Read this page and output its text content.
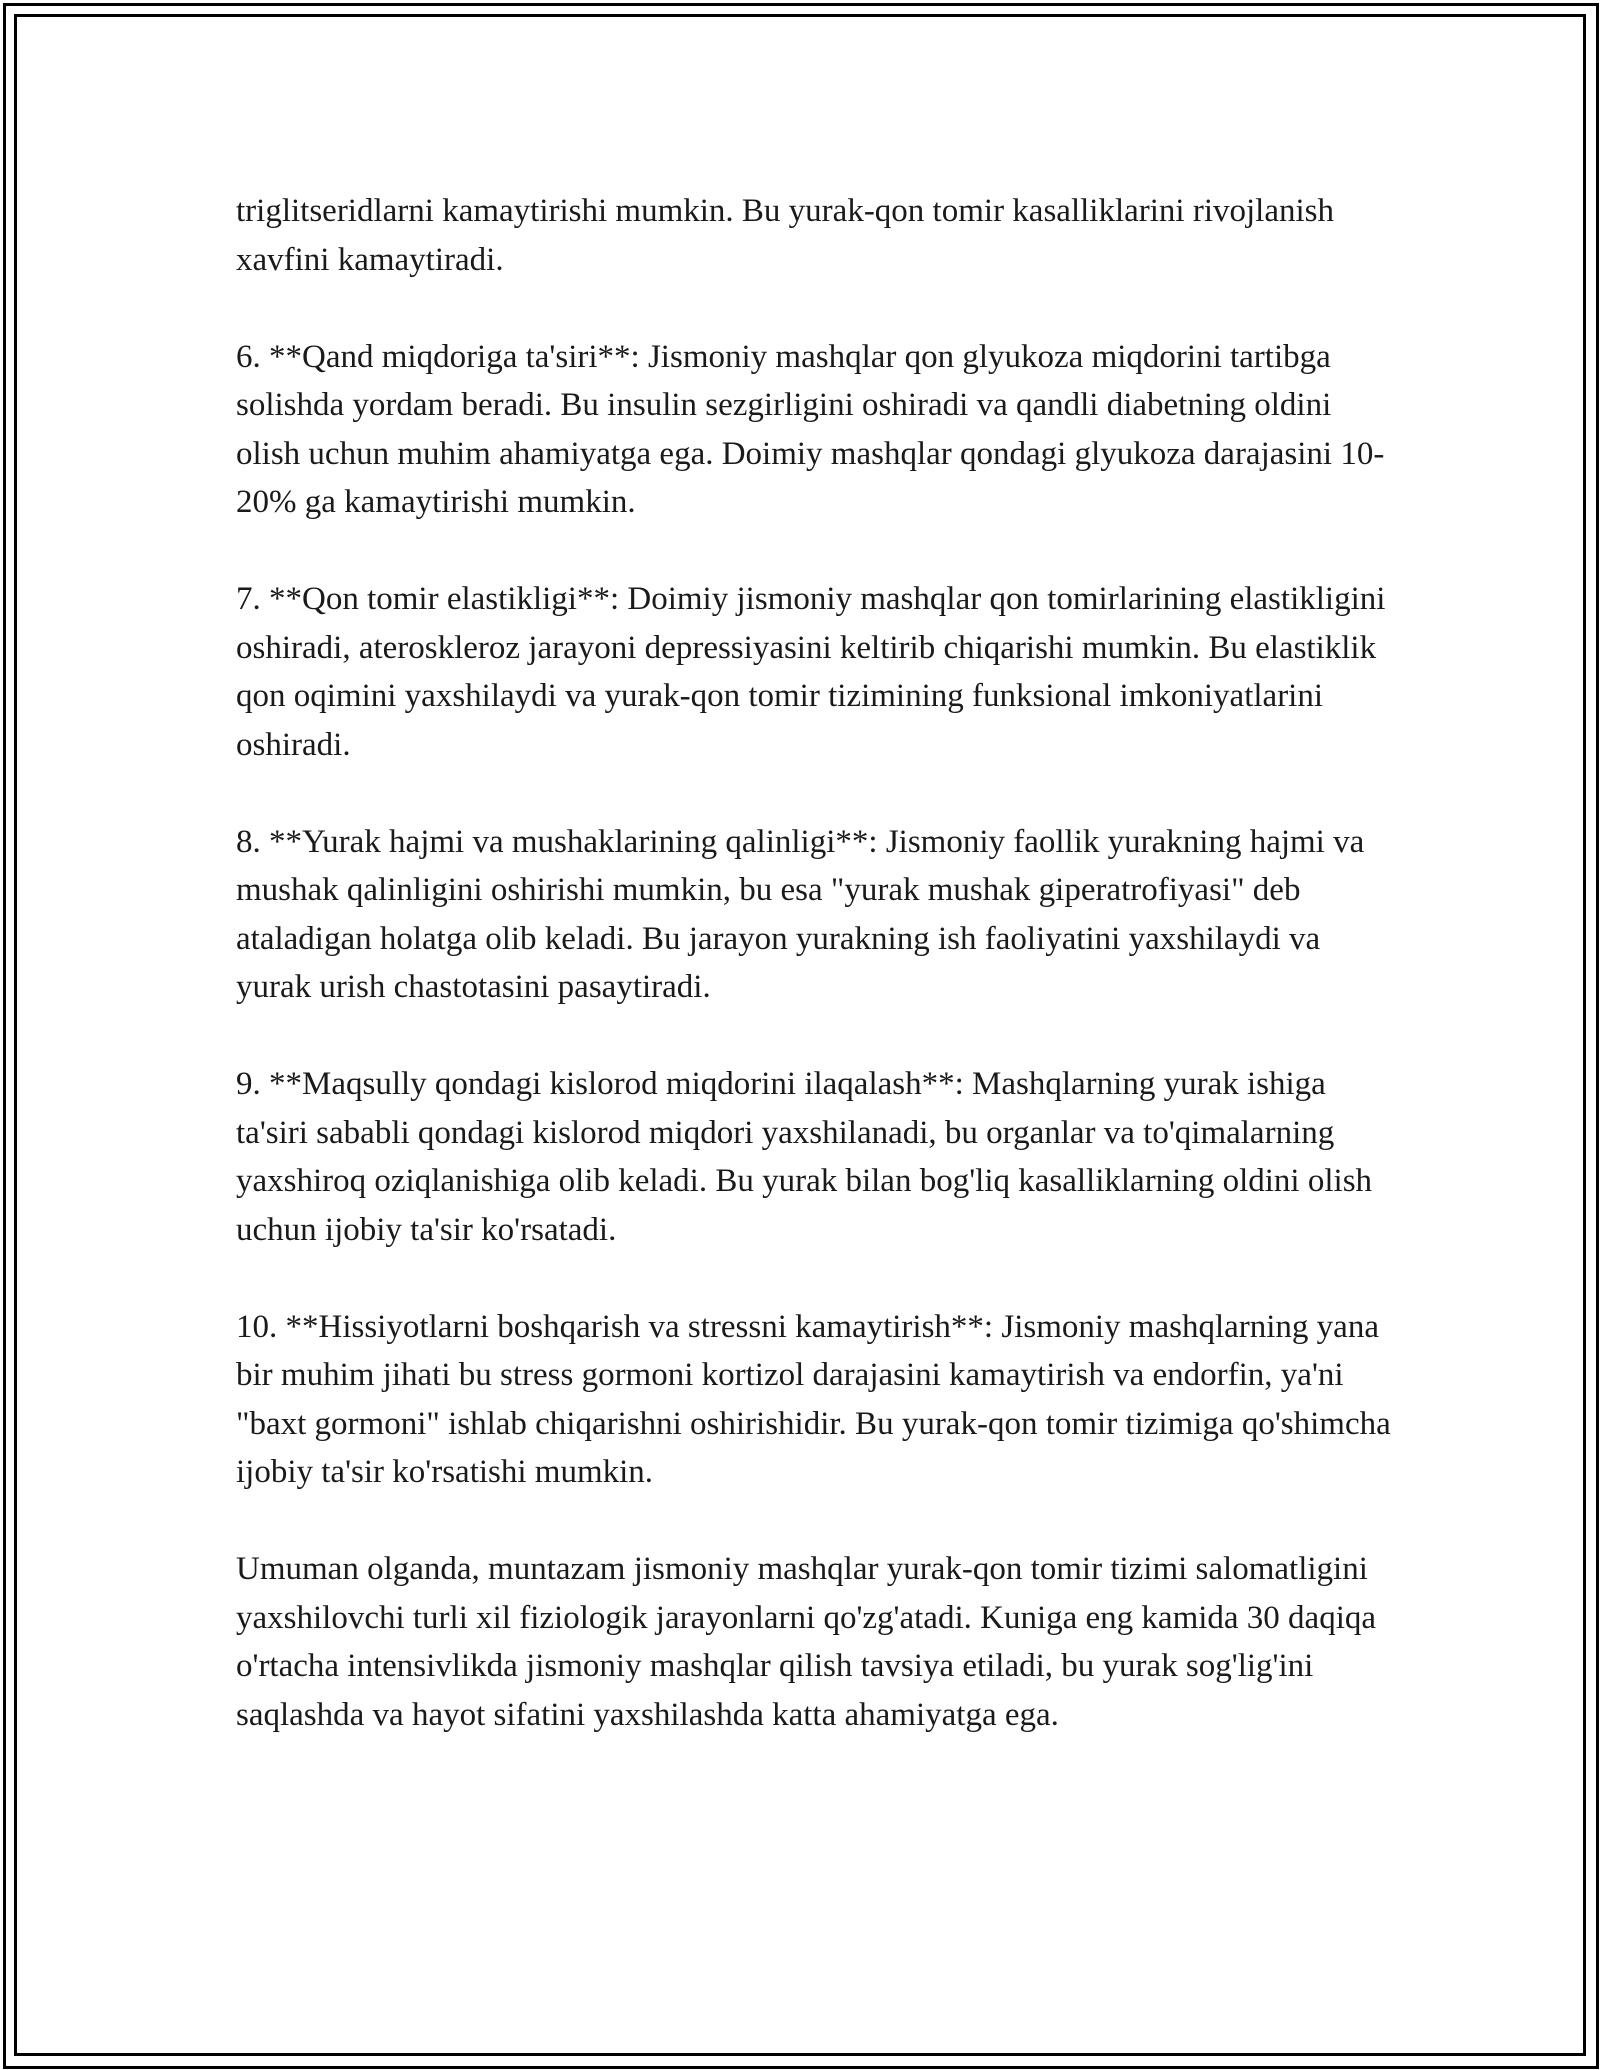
triglitseridlarni kamaytirishi mumkin. Bu yurak-qon tomir kasalliklarini rivojlanish xavfini kamaytiradi.

6. **Qand miqdoriga ta'siri**: Jismoniy mashqlar qon glyukoza miqdorini tartibga solishda yordam beradi. Bu insulin sezgirligini oshiradi va qandli diabetning oldini olish uchun muhim ahamiyatga ega. Doimiy mashqlar qondagi glyukoza darajasini 10-20% ga kamaytirishi mumkin.

7. **Qon tomir elastikligi**: Doimiy jismoniy mashqlar qon tomirlarining elastikligini oshiradi, ateroskleroz jarayoni depressiyasini keltirib chiqarishi mumkin. Bu elastiklik qon oqimini yaxshilaydi va yurak-qon tomir tizimining funksional imkoniyatlarini oshiradi.

8. **Yurak hajmi va mushaklarining qalinligi**: Jismoniy faollik yurakning hajmi va mushak qalinligini oshirishi mumkin, bu esa "yurak mushak giperatrofiyasi" deb ataladigan holatga olib keladi. Bu jarayon yurakning ish faoliyatini yaxshilaydi va yurak urish chastotasini pasaytiradi.

9. **Maqsully qondagi kislorod miqdorini ilaqalash**: Mashqlarning yurak ishiga ta'siri sababli qondagi kislorod miqdori yaxshilanadi, bu organlar va to'qimalarning yaxshiroq oziqlanishiga olib keladi. Bu yurak bilan bog'liq kasalliklarning oldini olish uchun ijobiy ta'sir ko'rsatadi.

10. **Hissiyotlarni boshqarish va stressni kamaytirish**: Jismoniy mashqlarning yana bir muhim jihati bu stress gormoni kortizol darajasini kamaytirish va endorfin, ya'ni "baxt gormoni" ishlab chiqarishni oshirishidir. Bu yurak-qon tomir tizimiga qo'shimcha ijobiy ta'sir ko'rsatishi mumkin.

Umuman olganda, muntazam jismoniy mashqlar yurak-qon tomir tizimi salomatligini yaxshilovchi turli xil fiziologik jarayonlarni qo'zg'atadi. Kuniga eng kamida 30 daqiqa o'rtacha intensivlikda jismoniy mashqlar qilish tavsiya etiladi, bu yurak sog'lig'ini saqlashda va hayot sifatini yaxshilashda katta ahamiyatga ega.
